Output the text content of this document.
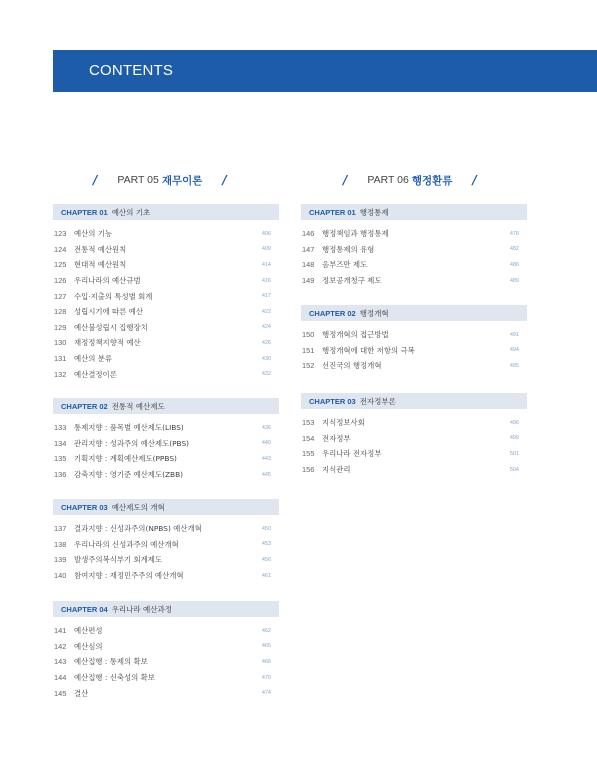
CONTENTS
/ PART 05 재무이론 /	/ PART 06 행정환류 /
CHAPTER 01 예산의 기초
123	예산의 기능	406
124	전통적 예산원칙	409
125	현대적 예산원칙	414
126	우리나라의 예산규범	416
127	수입·지출의 특성별 회계	417
128	성립시기에 따른 예산	422
129	예산불성립시 집행장치	424
130	재정정책지향적 예산	426
131	예산의 분류	430
132	예산결정이론	432
CHAPTER 02 전통적 예산제도
133	통제지향 : 품목별 예산제도(LIBS)	436
134	관리지향 : 성과주의 예산제도(PBS)	440
135	기획지향 : 계획예산제도(PPBS)	443
136	감축지향 : 영기준 예산제도(ZBB)	445
CHAPTER 03 예산제도의 개혁
137	결과지향 : 신성과주의(NPBS) 예산개혁	450
138	우리나라의 신성과주의 예산개혁	453
139	발생주의복식부기 회계제도	456
140	참여지향 : 재정민주주의 예산개혁	461
CHAPTER 04 우리나라 예산과정
141	예산편성	462
142	예산심의	465
143	예산집행 : 통제의 확보	468
144	예산집행 : 신축성의 확보	470
145	결산	474
CHAPTER 01 행정통제
146	행정책임과 행정통제	478
147	행정통제의 유형	482
148	옴부즈만 제도	486
149	정보공개청구 제도	489
CHAPTER 02 행정개혁
150	행정개혁의 접근방법	491
151	행정개혁에 대한 저항의 극복	494
152	선진국의 행정개혁	495
CHAPTER 03 전자정부론
153	지식정보사회	496
154	전자정부	499
155	우리나라 전자정부	501
156	지식관리	504
